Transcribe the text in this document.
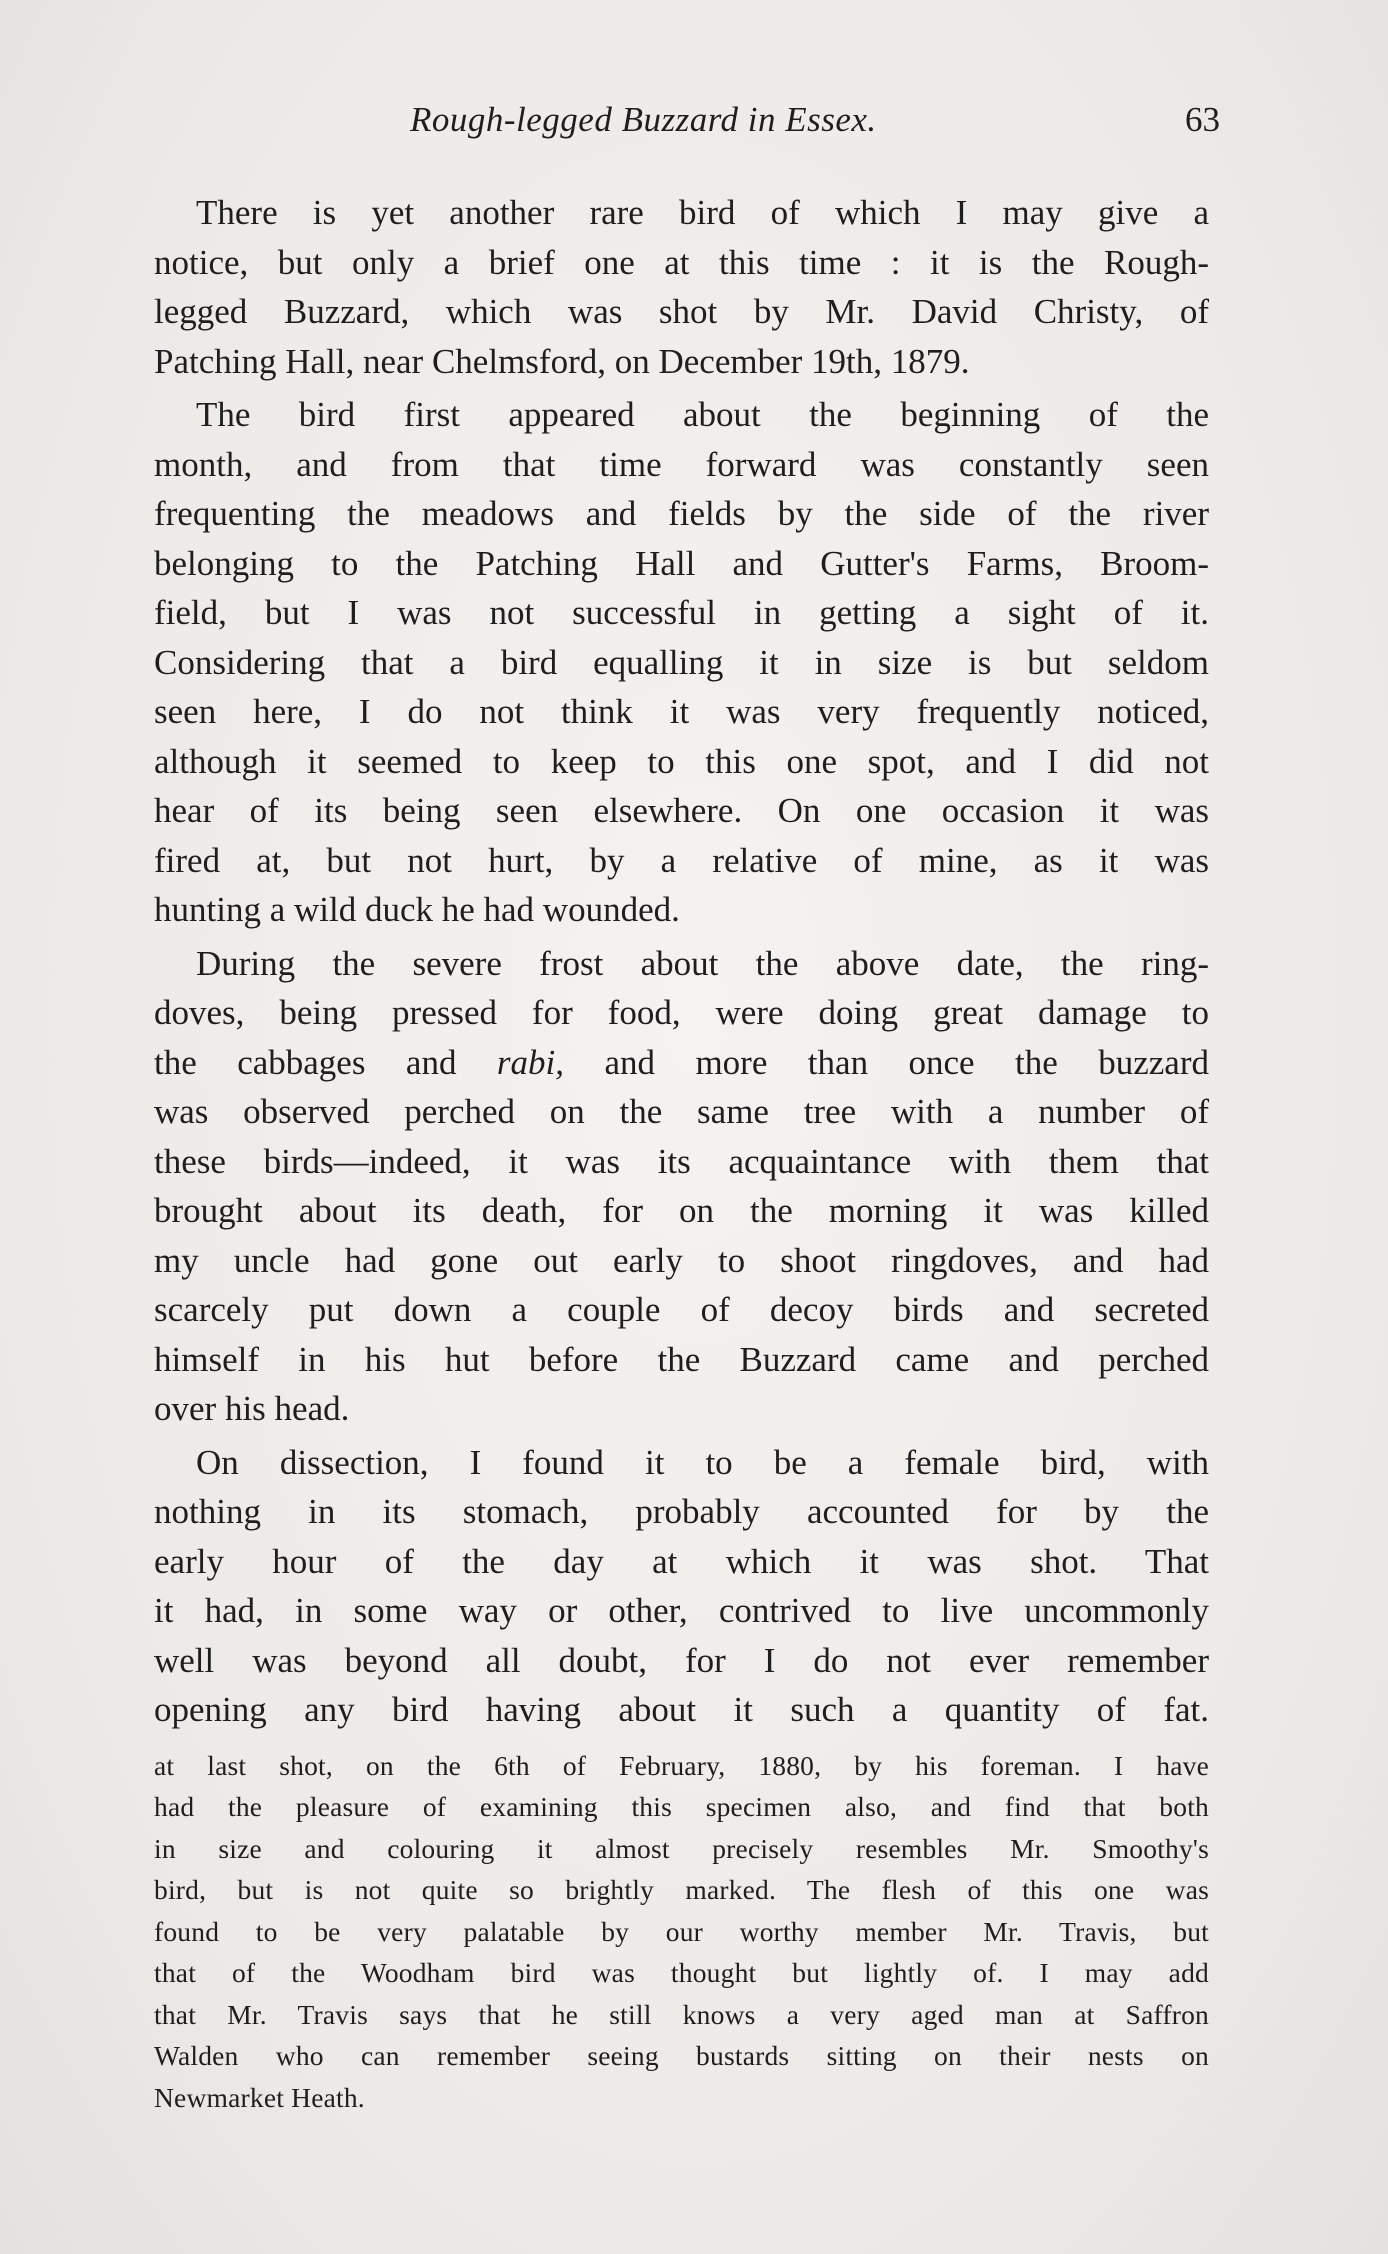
Rough-legged Buzzard in Essex.	63
There is yet another rare bird of which I may give a
notice, but only a brief one at this time : it is the Rough-
legged Buzzard, which was shot by Mr. David Christy, of
Patching Hall, near Chelmsford, on December 19th, 1879.
The bird first appeared about the beginning of the
month, and from that time forward was constantly seen
frequenting the meadows and fields by the side of the river
belonging to the Patching Hall and Gutter's Farms, Broom-
field, but I was not successful in getting a sight of it.
Considering that a bird equalling it in size is but seldom
seen here, I do not think it was very frequently noticed,
although it seemed to keep to this one spot, and I did not
hear of its being seen elsewhere. On one occasion it was
fired at, but not hurt, by a relative of mine, as it was
hunting a wild duck he had wounded.
During the severe frost about the above date, the ring-
doves, being pressed for food, were doing great damage to
the cabbages and rabi, and more than once the buzzard
was observed perched on the same tree with a number of
these birds—indeed, it was its acquaintance with them that
brought about its death, for on the morning it was killed
my uncle had gone out early to shoot ringdoves, and had
scarcely put down a couple of decoy birds and secreted
himself in his hut before the Buzzard came and perched
over his head.
On dissection, I found it to be a female bird, with
nothing in its stomach, probably accounted for by the
early hour of the day at which it was shot. That
it had, in some way or other, contrived to live uncommonly
well was beyond all doubt, for I do not ever remember
opening any bird having about it such a quantity of fat.
at last shot, on the 6th of February, 1880, by his foreman. I have
had the pleasure of examining this specimen also, and find that both
in size and colouring it almost precisely resembles Mr. Smoothy's
bird, but is not quite so brightly marked. The flesh of this one was
found to be very palatable by our worthy member Mr. Travis, but
that of the Woodham bird was thought but lightly of. I may add
that Mr. Travis says that he still knows a very aged man at Saffron
Walden who can remember seeing bustards sitting on their nests on
Newmarket Heath.
